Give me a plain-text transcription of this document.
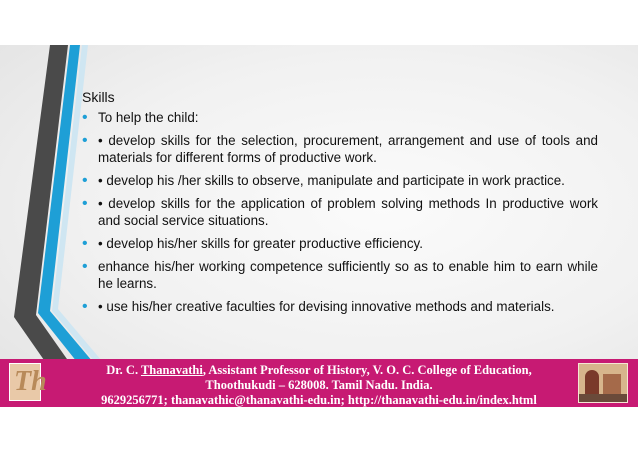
Skills
• To help the child:
• • develop skills for the selection, procurement, arrangement and use of tools and materials for different forms of productive work.
• • develop his /her skills to observe, manipulate and participate in work practice.
• • develop skills for the application of problem solving methods In productive work and social service situations.
• • develop his/her skills for greater productive efficiency.
• enhance his/her working competence sufficiently so as to enable him to earn while he learns.
• • use his/her creative faculties for devising innovative methods and materials.
Th	Dr. C. Thanavathi, Assistant Professor of History, V. O. C. College of Education,
Thoothukudi – 628008. Tamil Nadu. India.
9629256771; thanavathic@thanavathi-edu.in; http://thanavathi-edu.in/index.html
